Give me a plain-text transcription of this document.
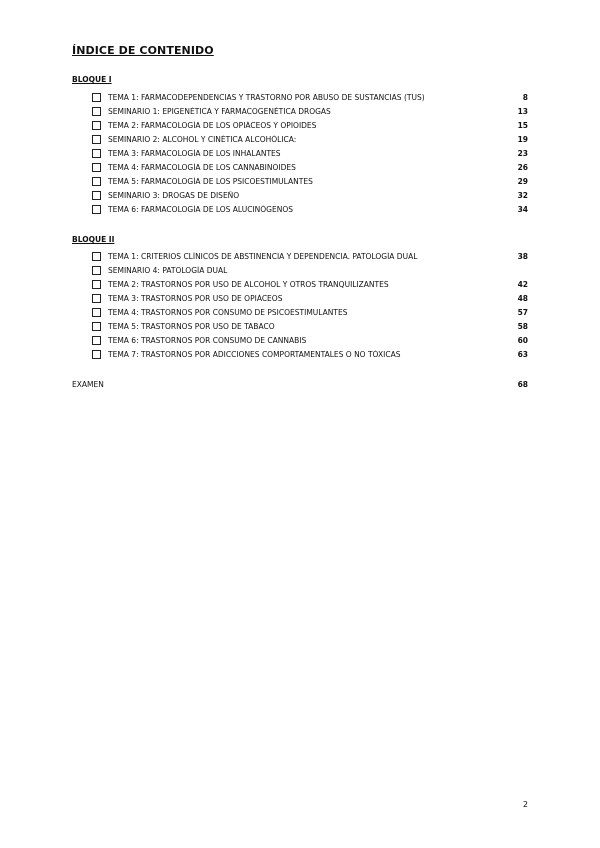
ÍNDICE DE CONTENIDO
BLOQUE I
TEMA 1: FARMACODEPENDENCIAS Y TRASTORNO POR ABUSO DE SUSTANCIAS (TUS)	8
SEMINARIO 1: EPIGENÉTICA Y FARMACOGENÉTICA DROGAS	13
TEMA 2: FARMACOLOGÍA DE LOS OPIÁCEOS Y OPIOIDES	15
SEMINARIO 2: ALCOHOL Y CINÉTICA ALCOHÓLICA:	19
TEMA 3: FARMACOLOGÍA DE LOS INHALANTES	23
TEMA 4: FARMACOLOGÍA DE LOS CANNABINOIDES	26
TEMA 5: FARMACOLOGÍA DE LOS PSICOESTIMULANTES	29
SEMINARIO 3: DROGAS DE DISEÑO	32
TEMA 6: FARMACOLOGÍA DE LOS ALUCINÓGENOS	34
BLOQUE II
TEMA 1: CRITERIOS CLÍNICOS DE ABSTINENCIA Y DEPENDENCIA. PATOLOGÍA DUAL	38
SEMINARIO 4: PATOLOGÍA DUAL
TEMA 2: TRASTORNOS POR USO DE ALCOHOL Y OTROS TRANQUILIZANTES	42
TEMA 3: TRASTORNOS POR USO DE OPIÁCEOS	48
TEMA 4: TRASTORNOS POR CONSUMO DE PSICOESTIMULANTES	57
TEMA 5: TRASTORNOS POR USO DE TABACO	58
TEMA 6: TRASTORNOS POR CONSUMO DE CANNABIS	60
TEMA 7: TRASTORNOS POR ADICCIONES COMPORTAMENTALES O NO TÓXICAS	63
EXAMEN	68
2
